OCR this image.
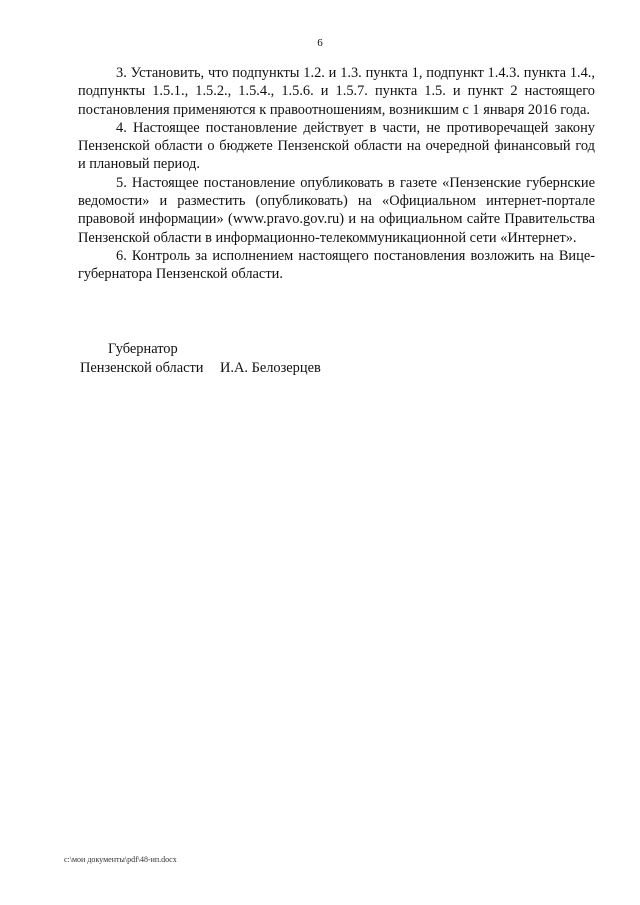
6

3. Установить, что подпункты 1.2. и 1.3. пункта 1, подпункт 1.4.3. пункта 1.4., подпункты 1.5.1., 1.5.2., 1.5.4., 1.5.6. и 1.5.7. пункта 1.5. и пункт 2 настоящего постановления применяются к правоотношениям, возникшим с 1 января 2016 года.

4. Настоящее постановление действует в части, не противоречащей закону Пензенской области о бюджете Пензенской области на очередной финансовый год и плановый период.

5. Настоящее постановление опубликовать в газете «Пензенские губернские ведомости» и разместить (опубликовать) на «Официальном интернет-портале правовой информации» (www.pravo.gov.ru) и на официальном сайте Правительства Пензенской области в информационно-телекоммуникационной сети «Интернет».

6. Контроль за исполнением настоящего постановления возложить на Вице-губернатора Пензенской области.

Губернатор
Пензенской области	И.А. Белозерцев
c:\мои документы\pdf\48-ип.docx
